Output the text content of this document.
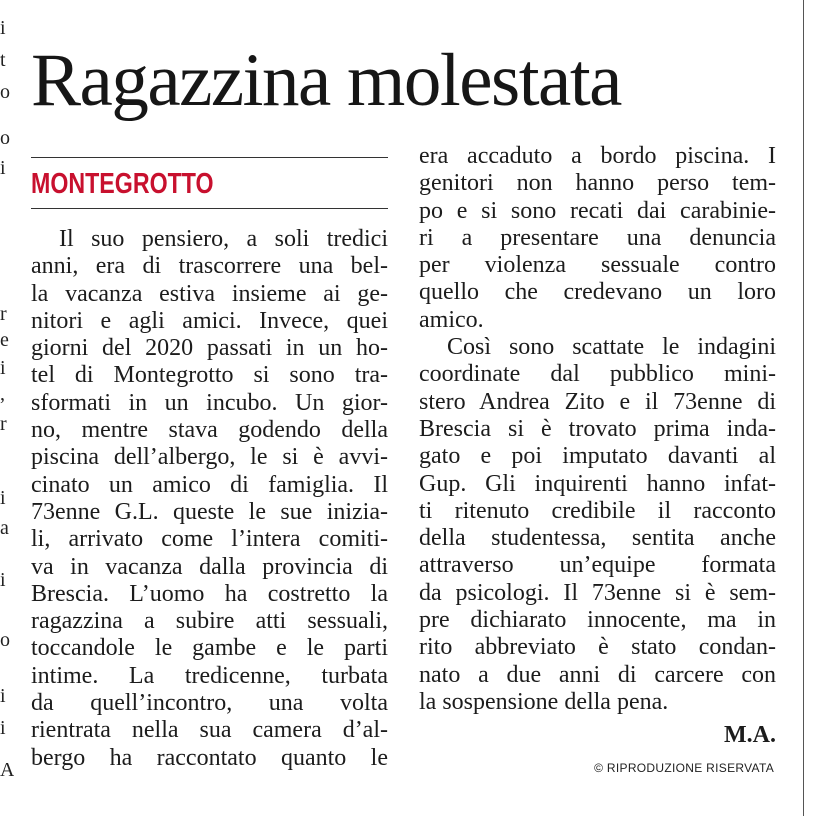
i
t
o
o
i
r
e
i
,
r
i
a
i
o
i
i
A
Ragazzina molestata
MONTEGROTTO
Il suo pensiero, a soli tredici
anni, era di trascorrere una bel-
la vacanza estiva insieme ai ge-
nitori e agli amici. Invece, quei
giorni del 2020 passati in un ho-
tel di Montegrotto si sono tra-
sformati in un incubo. Un gior-
no, mentre stava godendo della
piscina dell’albergo, le si è avvi-
cinato un amico di famiglia. Il
73enne G.L. queste le sue inizia-
li, arrivato come l’intera comiti-
va in vacanza dalla provincia di
Brescia. L’uomo ha costretto la
ragazzina a subire atti sessuali,
toccandole le gambe e le parti
intime. La tredicenne, turbata
da quell’incontro, una volta
rientrata nella sua camera d’al-
bergo ha raccontato quanto le
era accaduto a bordo piscina. I
genitori non hanno perso tem-
po e si sono recati dai carabinie-
ri a presentare una denuncia
per violenza sessuale contro
quello che credevano un loro
amico.
Così sono scattate le indagini
coordinate dal pubblico mini-
stero Andrea Zito e il 73enne di
Brescia si è trovato prima inda-
gato e poi imputato davanti al
Gup. Gli inquirenti hanno infat-
ti ritenuto credibile il racconto
della studentessa, sentita anche
attraverso un’equipe formata
da psicologi. Il 73enne si è sem-
pre dichiarato innocente, ma in
rito abbreviato è stato condan-
nato a due anni di carcere con
la sospensione della pena.

M.A.

© RIPRODUZIONE RISERVATA
